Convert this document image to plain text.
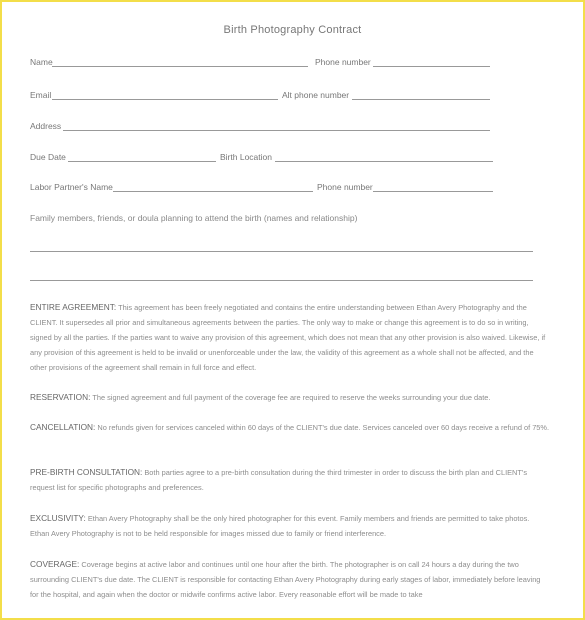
Birth Photography Contract
Name	Phone number
Email	Alt phone number
Address
Due Date	Birth Location
Labor Partner's Name	Phone number
Family members, friends, or doula planning to attend the birth (names and relationship)
ENTIRE AGREEMENT: This agreement has been freely negotiated and contains the entire understanding between Ethan Avery Photography and the CLIENT. It supersedes all prior and simultaneous agreements between the parties. The only way to make or change this agreement is to do so in writing, signed by all the parties. If the parties want to waive any provision of this agreement, which does not mean that any other provision is also waived. Likewise, if any provision of this agreement is held to be invalid or unenforceable under the law, the validity of this agreement as a whole shall not be affected, and the other provisions of the agreement shall remain in full force and effect.
RESERVATION: The signed agreement and full payment of the coverage fee are required to reserve the weeks surrounding your due date.
CANCELLATION: No refunds given for services canceled within 60 days of the CLIENT's due date. Services canceled over 60 days receive a refund of 75%.
PRE-BIRTH CONSULTATION: Both parties agree to a pre-birth consultation during the third trimester in order to discuss the birth plan and CLIENT's request list for specific photographs and preferences.
EXCLUSIVITY: Ethan Avery Photography shall be the only hired photographer for this event. Family members and friends are permitted to take photos. Ethan Avery Photography is not to be held responsible for images missed due to family or friend interference.
COVERAGE: Coverage begins at active labor and continues until one hour after the birth. The photographer is on call 24 hours a day during the two surrounding CLIENT's due date. The CLIENT is responsible for contacting Ethan Avery Photography during early stages of labor, immediately before leaving for the hospital, and again when the doctor or midwife confirms active labor. Every reasonable effort will be made to take
